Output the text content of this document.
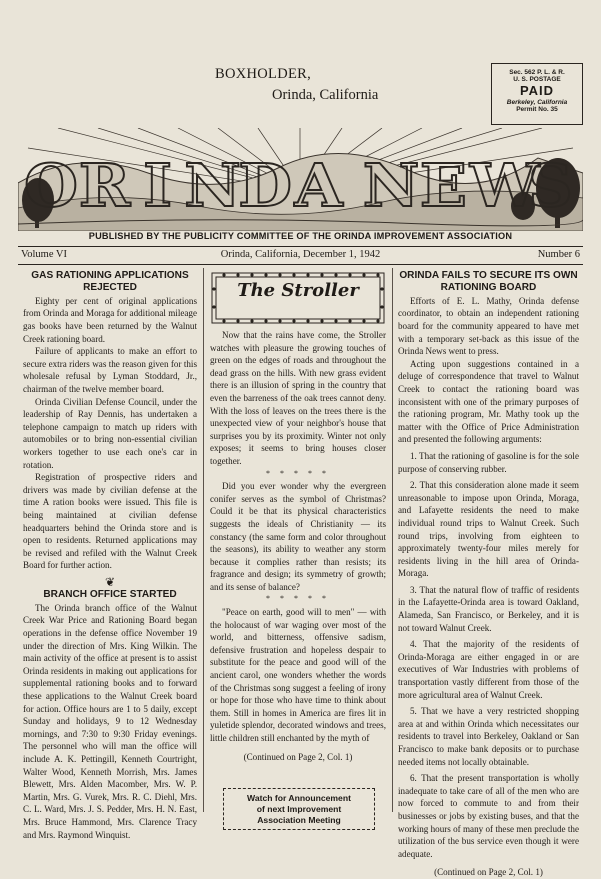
BOXHOLDER,
Orinda, California
Sec. 562 P. L. & R.
U. S. POSTAGE
PAID
Berkeley, California
Permit No. 35
O R I N
D A N E W
S
PUBLISHED BY THE PUBLICITY COMMITTEE OF THE ORINDA IMPROVEMENT ASSOCIATION
Volume VI	Orinda, California, December 1, 1942	Number 6

GAS RATIONING APPLICATIONS REJECTED

Eighty per cent of original applications from Orinda and Moraga for additional mileage gas books have been returned by the Walnut Creek rationing board.

Failure of applicants to make an effort to secure extra riders was the reason given for this wholesale refusal by Lyman Stoddard, Jr., chairman of the twelve member board.

Orinda Civilian Defense Council, under the leadership of Ray Dennis, has undertaken a telephone campaign to match up riders with automobiles or to bring non-essential civilian workers together to use each one's car in rotation.

Registration of prospective riders and drivers was made by civilian defense at the time A ration books were issued. This file is being maintained at civilian defense headquarters behind the Orinda store and is open to residents. Returned applications may be revised and refiled with the Walnut Creek Board for further action.

❦

BRANCH OFFICE STARTED

The Orinda branch office of the Walnut Creek War Price and Rationing Board began operations in the defense office November 19 under the direction of Mrs. King Wilkin. The main activity of the office at present is to assist Orinda residents in making out applications for supplemental rationing books and to forward these applications to the Walnut Creek board for action. Office hours are 1 to 5 daily, except Sunday and holidays, 9 to 12 Wednesday mornings, and 7:30 to 9:30 Friday evenings. The personnel who will man the office will include A. K. Pettingill, Kenneth Courtright, Walter Wood, Kenneth Morrish, Mrs. James Blewett, Mrs. Alden Macomber, Mrs. W. P. Martin, Mrs. G. Vurek, Mrs. R. C. Diehl, Mrs. C. L. Ward, Mrs. J. S. Pedder, Mrs. H. N. East, Mrs. Bruce Hammond, Mrs. Clarence Tracy and Mrs. Raymond Winquist.

The Stroller

Now that the rains have come, the Stroller watches with pleasure the growing touches of green on the edges of roads and throughout the dead grass on the hills. With new grass evident there is an illusion of spring in the country that even the barreness of the oak trees cannot deny. With the loss of leaves on the trees there is the unexpected view of your neighbor's house that surprises you by its proximity. Winter not only exposes; it seems to bring houses closer together.

* * * * *

Did you ever wonder why the evergreen conifer serves as the symbol of Christmas? Could it be that its physical characteristics suggests the ideals of Christianity — its constancy (the same form and color throughout the seasons), its ability to weather any storm because it complies rather than resists; its fragrance and design; its symmetry of growth; and its sense of balance?

* * * * *

"Peace on earth, good will to men" — with the holocaust of war waging over most of the world, and bitterness, offensive sadism, defensive frustration and hopeless despair to substitute for the peace and good will of the ancient carol, one wonders whether the words of the Christmas song suggest a feeling of irony or hope for those who have time to think about them. Still in homes in America are fires lit in yuletide splendor, decorated windows and trees, little children still enchanted by the myth of

(Continued on Page 2, Col. 1)

Watch for Announcement
of next Improvement
Association Meeting

ORINDA FAILS TO SECURE ITS OWN RATIONING BOARD

Efforts of E. L. Mathy, Orinda defense coordinator, to obtain an independent rationing board for the community appeared to have met with a temporary set-back as this issue of the Orinda News went to press.

Acting upon suggestions contained in a deluge of correspondence that travel to Walnut Creek to contact the rationing board was inconsistent with one of the primary purposes of the rationing program, Mr. Mathy took up the matter with the Office of Price Administration and presented the following arguments:

1. That the rationing of gasoline is for the sole purpose of conserving rubber.

2. That this consideration alone made it seem unreasonable to impose upon Orinda, Moraga, and Lafayette residents the need to make individual round trips to Walnut Creek. Such round trips, involving from eighteen to approximately twenty-four miles merely for residents living in the hill area of Orinda-Moraga.

3. That the natural flow of traffic of residents in the Lafayette-Orinda area is toward Oakland, Alameda, San Francisco, or Berkeley, and it is not toward Walnut Creek.

4. That the majority of the residents of Orinda-Moraga are either engaged in or are executives of War Industries with problems of transportation vastly different from those of the more agricultural area of Walnut Creek.

5. That we have a very restricted shopping area at and within Orinda which necessitates our residents to travel into Berkeley, Oakland or San Francisco to make bank deposits or to purchase needed items not locally obtainable.

6. That the present transportation is wholly inadequate to take care of all of the men who are now forced to commute to and from their businesses or jobs by existing buses, and that the working hours of many of these men preclude the utilization of the bus service even though it were adequate.

(Continued on Page 2, Col. 1)
